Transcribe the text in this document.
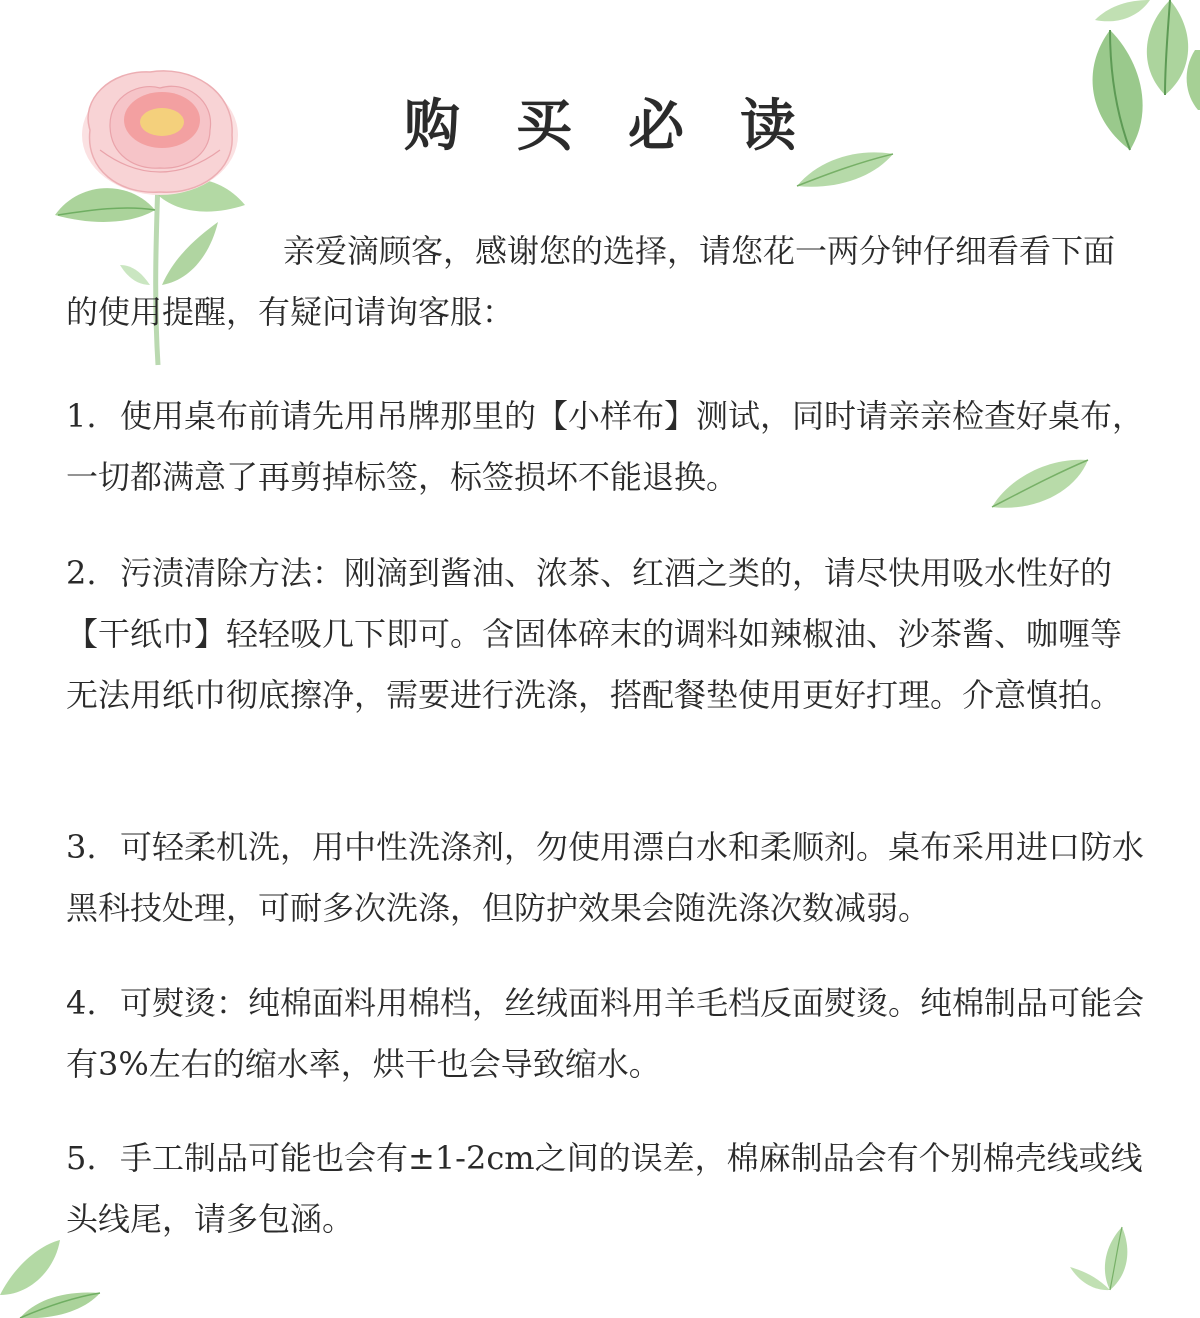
购 买 必 读
亲爱滴顾客，感谢您的选择，请您花一两分钟仔细看看下面的使用提醒，有疑问请询客服：
1. 使用桌布前请先用吊牌那里的【小样布】测试，同时请亲亲检查好桌布，一切都满意了再剪掉标签，标签损坏不能退换。
2. 污渍清除方法：刚滴到酱油、浓茶、红酒之类的，请尽快用吸水性好的【干纸巾】轻轻吸几下即可。含固体碎末的调料如辣椒油、沙茶酱、咖喱等无法用纸巾彻底擦净，需要进行洗涤，搭配餐垫使用更好打理。介意慎拍。
3. 可轻柔机洗，用中性洗涤剂，勿使用漂白水和柔顺剂。桌布采用进口防水黑科技处理，可耐多次洗涤，但防护效果会随洗涤次数减弱。
4. 可熨烫：纯棉面料用棉档，丝绒面料用羊毛档反面熨烫。纯棉制品可能会有3%左右的缩水率，烘干也会导致缩水。
5. 手工制品可能也会有±1-2cm之间的误差，棉麻制品会有个别棉壳线或线头线尾，请多包涵。
